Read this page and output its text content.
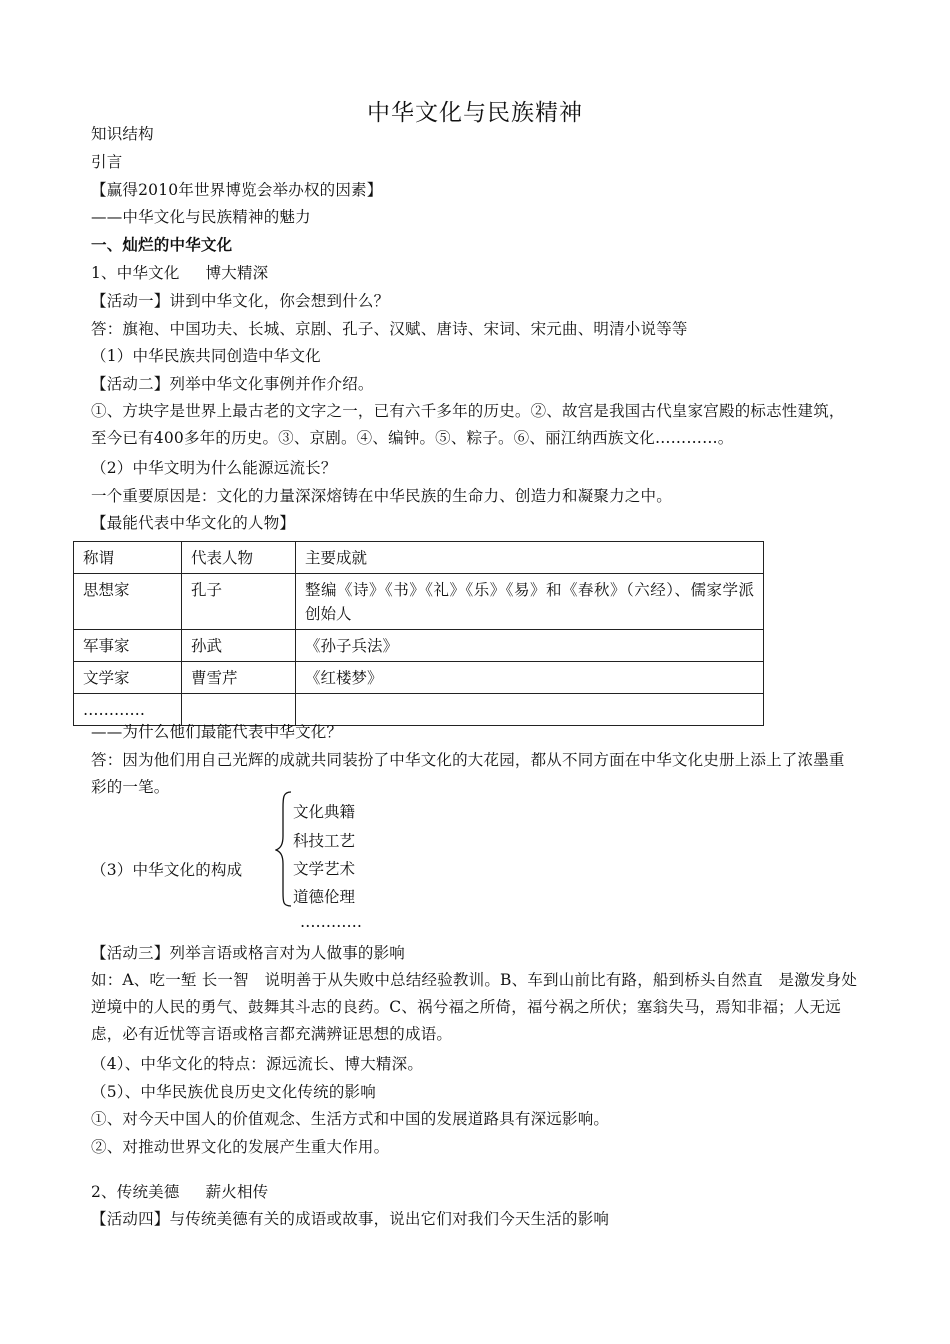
中华文化与民族精神
知识结构
引言
【赢得2010年世界博览会举办权的因素】
——中华文化与民族精神的魅力
一、灿烂的中华文化
1、中华文化 博大精深
【活动一】讲到中华文化，你会想到什么？
答：旗袍、中国功夫、长城、京剧、孔子、汉赋、唐诗、宋词、宋元曲、明清小说等等
（1）中华民族共同创造中华文化
【活动二】列举中华文化事例并作介绍。
①、方块字是世界上最古老的文字之一，已有六千多年的历史。②、故宫是我国古代皇家宫殿的标志性建筑，至今已有400多年的历史。③、京剧。④、编钟。⑤、粽子。⑥、丽江纳西族文化…………。
（2）中华文明为什么能源远流长？
一个重要原因是：文化的力量深深熔铸在中华民族的生命力、创造力和凝聚力之中。
【最能代表中华文化的人物】
称谓	代表人物	主要成就
思想家	孔子	整编《诗》《书》《礼》《乐》《易》和《春秋》（六经）、儒家学派创始人
军事家	孙武	《孙子兵法》
文学家	曹雪芹	《红楼梦》
…………		
——为什么他们最能代表中华文化？
答：因为他们用自己光辉的成就共同装扮了中华文化的大花园，都从不同方面在中华文化史册上添上了浓墨重彩的一笔。
（3）中华文化的构成
文化典籍
科技工艺
文学艺术
道德伦理
…………
【活动三】列举言语或格言对为人做事的影响
如：A、吃一堑 长一智　说明善于从失败中总结经验教训。B、车到山前比有路，船到桥头自然直　是激发身处逆境中的人民的勇气、鼓舞其斗志的良药。C、祸兮福之所倚，福兮祸之所伏；塞翁失马，焉知非福；人无远虑，必有近忧等言语或格言都充满辨证思想的成语。
（4）、中华文化的特点：源远流长、博大精深。
（5）、中华民族优良历史文化传统的影响
①、对今天中国人的价值观念、生活方式和中国的发展道路具有深远影响。
②、对推动世界文化的发展产生重大作用。
2、传统美德 薪火相传
【活动四】与传统美德有关的成语或故事，说出它们对我们今天生活的影响
